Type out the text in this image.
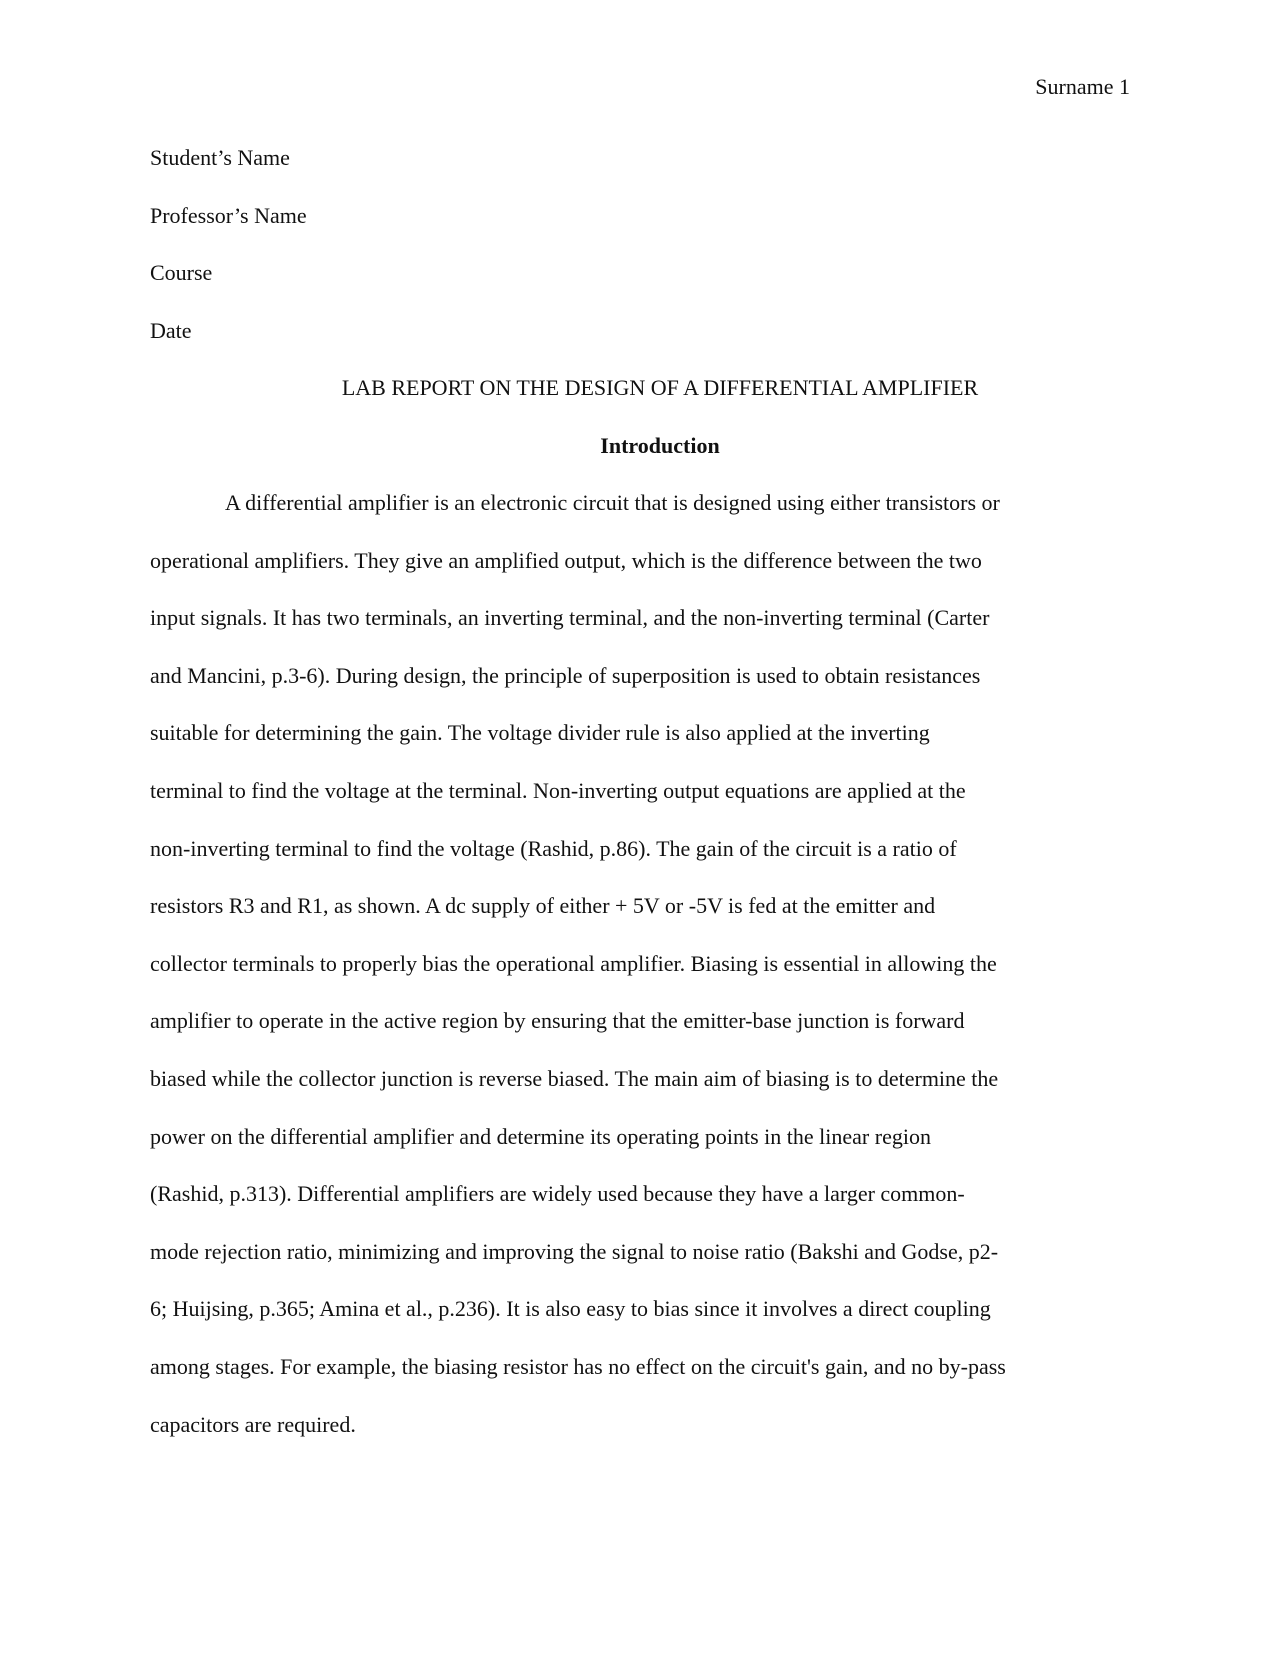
Surname 1
Student’s Name
Professor’s Name
Course
Date
LAB REPORT ON THE DESIGN OF A DIFFERENTIAL AMPLIFIER
Introduction
A differential amplifier is an electronic circuit that is designed using either transistors or
operational amplifiers. They give an amplified output, which is the difference between the two
input signals. It has two terminals, an inverting terminal, and the non-inverting terminal (Carter
and Mancini, p.3-6). During design, the principle of superposition is used to obtain resistances
suitable for determining the gain. The voltage divider rule is also applied at the inverting
terminal to find the voltage at the terminal. Non-inverting output equations are applied at the
non-inverting terminal to find the voltage (Rashid, p.86). The gain of the circuit is a ratio of
resistors R3 and R1, as shown. A dc supply of either + 5V or -5V is fed at the emitter and
collector terminals to properly bias the operational amplifier. Biasing is essential in allowing the
amplifier to operate in the active region by ensuring that the emitter-base junction is forward
biased while the collector junction is reverse biased. The main aim of biasing is to determine the
power on the differential amplifier and determine its operating points in the linear region
(Rashid, p.313). Differential amplifiers are widely used because they have a larger common-
mode rejection ratio, minimizing and improving the signal to noise ratio (Bakshi and Godse, p2-
6; Huijsing, p.365; Amina et al., p.236). It is also easy to bias since it involves a direct coupling
among stages. For example, the biasing resistor has no effect on the circuit's gain, and no by-pass
capacitors are required.
